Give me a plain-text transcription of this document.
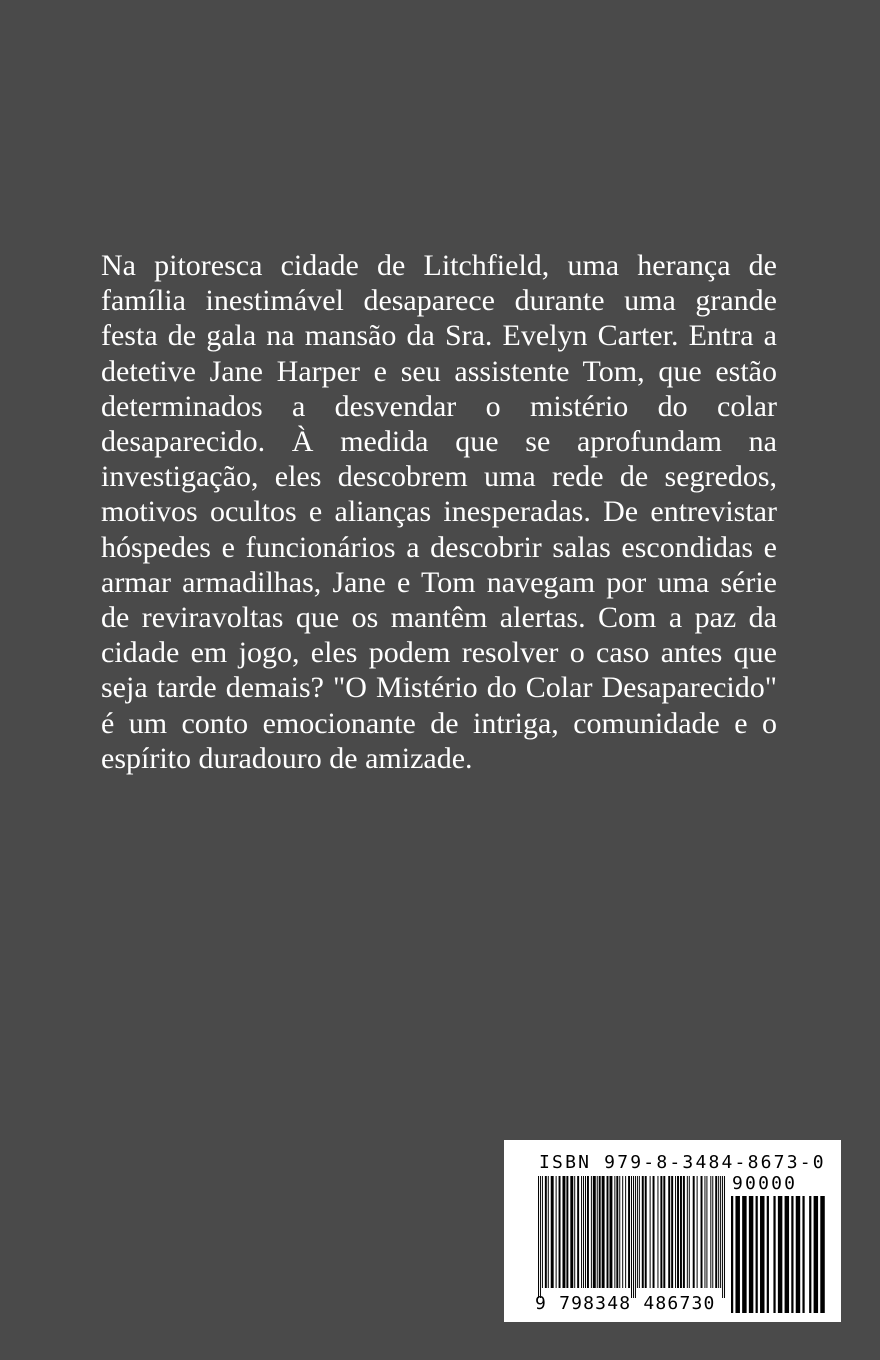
Na pitoresca cidade de Litchfield, uma herança de família inestimável desaparece durante uma grande festa de gala na mansão da Sra. Evelyn Carter. Entra a detetive Jane Harper e seu assistente Tom, que estão determinados a desvendar o mistério do colar desaparecido. À medida que se aprofundam na investigação, eles descobrem uma rede de segredos, motivos ocultos e alianças inesperadas. De entrevistar hóspedes e funcionários a descobrir salas escondidas e armar armadilhas, Jane e Tom navegam por uma série de reviravoltas que os mantêm alertas. Com a paz da cidade em jogo, eles podem resolver o caso antes que seja tarde demais? "O Mistério do Colar Desaparecido" é um conto emocionante de intriga, comunidade e o espírito duradouro de amizade.

ISBN 979-8-3484-8673-0
90000
9 798348 486730
